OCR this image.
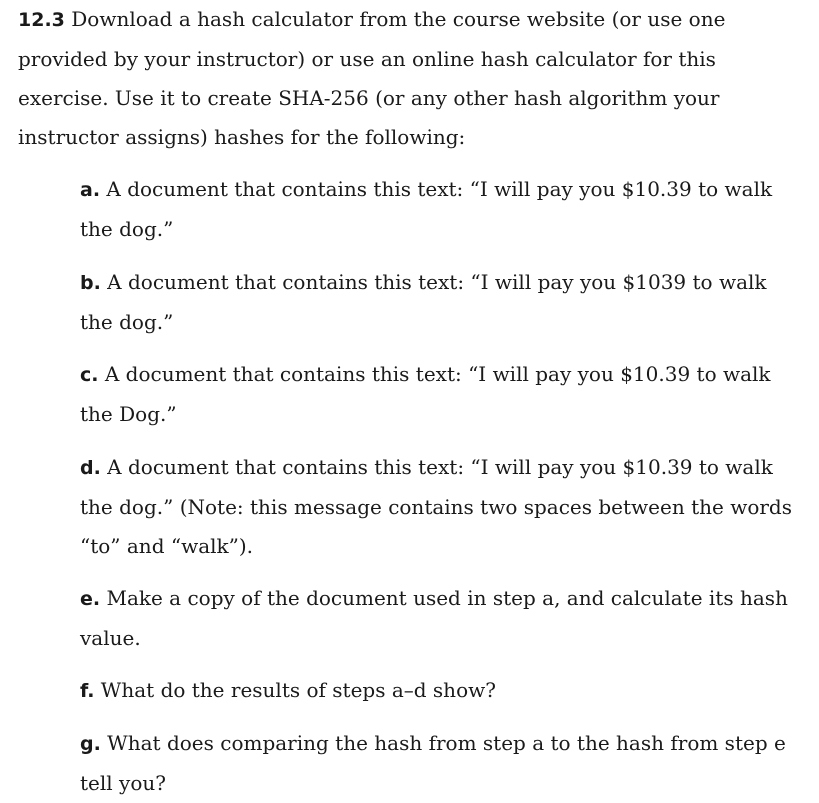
12.3 Download a hash calculator from the course website (or use one provided by your instructor) or use an online hash calculator for this exercise. Use it to create SHA-256 (or any other hash algorithm your instructor assigns) hashes for the following:

a. A document that contains this text: “I will pay you $10.39 to walk the dog.”
b. A document that contains this text: “I will pay you $1039 to walk the dog.”
c. A document that contains this text: “I will pay you $10.39 to walk the Dog.”
d. A document that contains this text: “I will pay you $10.39 to walk the dog.” (Note: this message contains two spaces between the words “to” and “walk”).
e. Make a copy of the document used in step a, and calculate its hash value.
f. What do the results of steps a–d show?
g. What does comparing the hash from step a to the hash from step e tell you?
